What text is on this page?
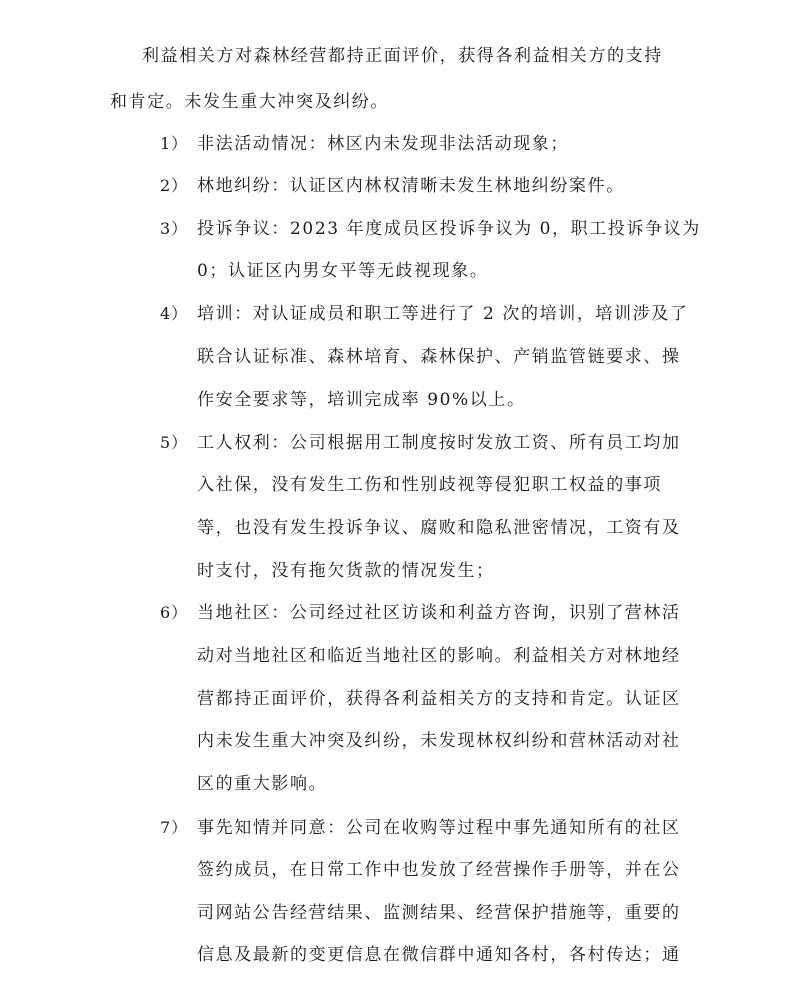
利益相关方对森林经营都持正面评价，获得各利益相关方的支持
和肯定。未发生重大冲突及纠纷。
1） 非法活动情况：林区内未发现非法活动现象；
2） 林地纠纷：认证区内林权清晰未发生林地纠纷案件。
3） 投诉争议：2023 年度成员区投诉争议为 0，职工投诉争议为
0；认证区内男女平等无歧视现象。
4） 培训：对认证成员和职工等进行了 2 次的培训，培训涉及了
联合认证标准、森林培育、森林保护、产销监管链要求、操
作安全要求等，培训完成率 90%以上。
5） 工人权利：公司根据用工制度按时发放工资、所有员工均加
入社保，没有发生工伤和性别歧视等侵犯职工权益的事项
等，也没有发生投诉争议、腐败和隐私泄密情况，工资有及
时支付，没有拖欠货款的情况发生；
6） 当地社区：公司经过社区访谈和利益方咨询，识别了营林活
动对当地社区和临近当地社区的影响。利益相关方对林地经
营都持正面评价，获得各利益相关方的支持和肯定。认证区
内未发生重大冲突及纠纷，未发现林权纠纷和营林活动对社
区的重大影响。
7） 事先知情并同意：公司在收购等过程中事先通知所有的社区
签约成员，在日常工作中也发放了经营操作手册等，并在公
司网站公告经营结果、监测结果、经营保护措施等，重要的
信息及最新的变更信息在微信群中通知各村，各村传达；通
